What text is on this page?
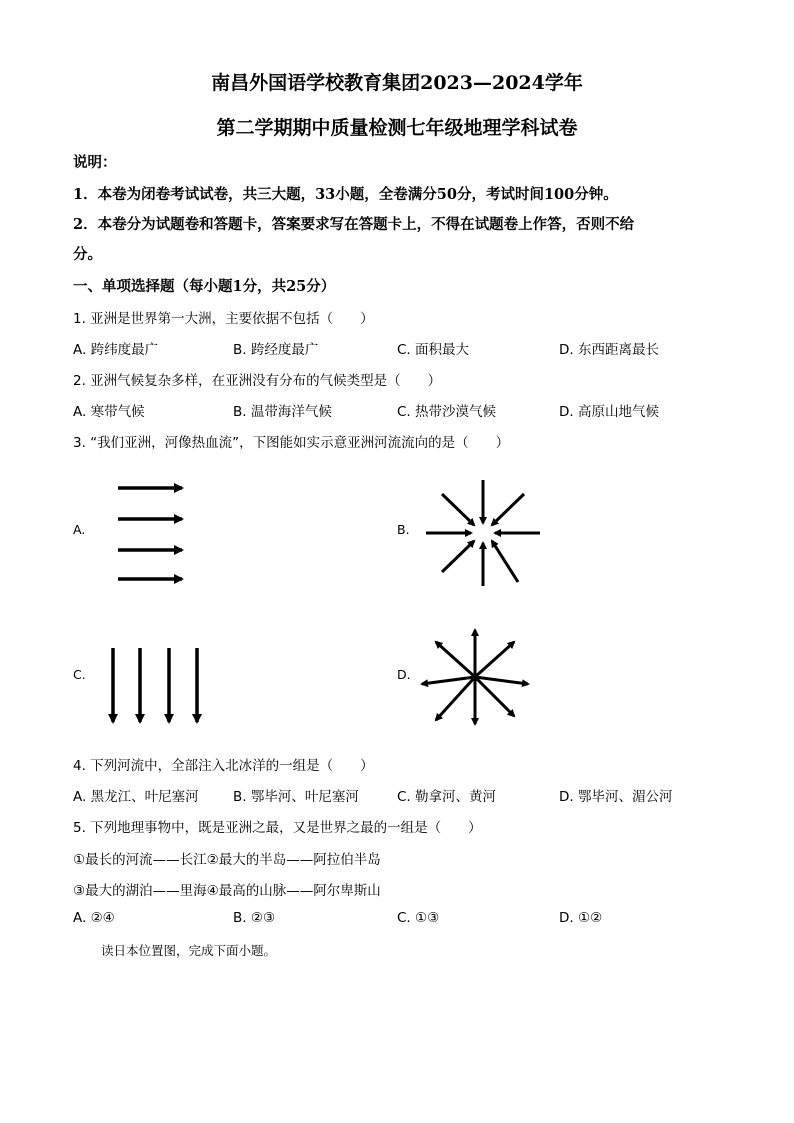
南昌外国语学校教育集团2023—2024学年
第二学期期中质量检测七年级地理学科试卷
说明：
1．本卷为闭卷考试试卷，共三大题，33小题，全卷满分50分，考试时间100分钟。
2．本卷分为试题卷和答题卡，答案要求写在答题卡上，不得在试题卷上作答，否则不给
分。
一、单项选择题（每小题1分，共25分）
1. 亚洲是世界第一大洲，主要依据不包括（　　）
A. 跨纬度最广	B. 跨经度最广	C. 面积最大	D. 东西距离最长
2. 亚洲气候复杂多样，在亚洲没有分布的气候类型是（　　）
A. 寒带气候	B. 温带海洋气候	C. 热带沙漠气候	D. 高原山地气候
3. “我们亚洲，河像热血流”，下图能如实示意亚洲河流流向的是（　　）
A.	B.
C.	D.
4. 下列河流中，全部注入北冰洋的一组是（　　）
A. 黑龙江、叶尼塞河	B. 鄂毕河、叶尼塞河	C. 勒拿河、黄河	D. 鄂毕河、湄公河
5. 下列地理事物中，既是亚洲之最，又是世界之最的一组是（　　）
①最长的河流——长江②最大的半岛——阿拉伯半岛
③最大的湖泊——里海④最高的山脉——阿尔卑斯山
A. ②④	B. ②③	C. ①③	D. ①②
读日本位置图，完成下面小题。
